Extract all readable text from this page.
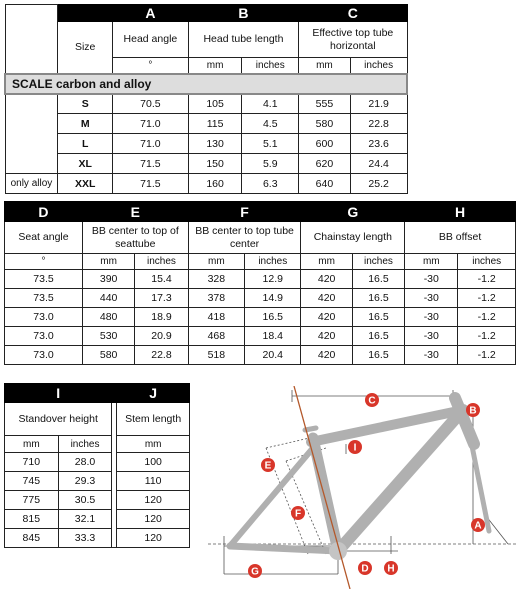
		A	B		C	
	Size	Head angle	Head tube length		Effective top tube horizontal	
		°	mm	inches	mm	inches
SCALE carbon and alloy						
	S	70.5	105	4.1	555	21.9
	M	71.0	115	4.5	580	22.8
	L	71.0	130	5.1	600	23.6
	XL	71.5	150	5.9	620	24.4
only alloy	XXL	71.5	160	6.3	640	25.2
D	E		F		G		H	
Seat angle	BB center to top of seattube		BB center to top tube center		Chainstay length		BB offset	
°	mm	inches	mm	inches	mm	inches	mm	inches
73.5	390	15.4	328	12.9	420	16.5	-30	-1.2
73.5	440	17.3	378	14.9	420	16.5	-30	-1.2
73.0	480	18.9	418	16.5	420	16.5	-30	-1.2
73.0	530	20.9	468	18.4	420	16.5	-30	-1.2
73.0	580	22.8	518	20.4	420	16.5	-30	-1.2
I			J
Standover height			Stem length
mm	inches		mm
710	28.0		100
745	29.3		110
775	30.5		120
815	32.1		120
845	33.3		120
A
B
C
D
E
F
G	H
I
